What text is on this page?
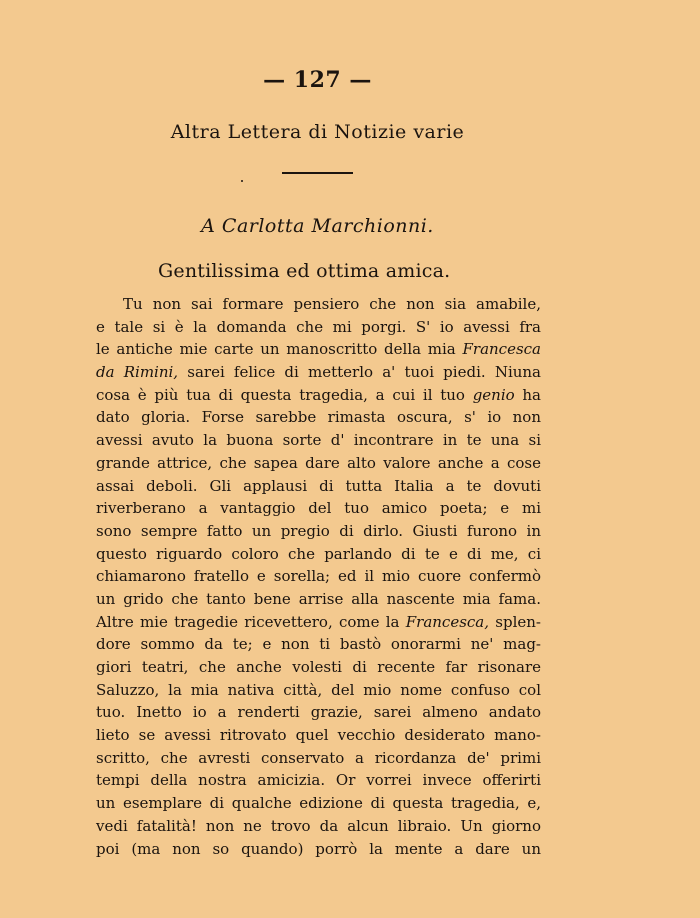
— 127 —
Altra Lettera di Notizie varie
A Carlotta Marchionni.
Gentilissima ed ottima amica.
Tu non sai formare pensiero che non sia amabile,
e tale si è la domanda che mi porgi. S' io avessi fra
le antiche mie carte un manoscritto della mia Francesca
da Rimini, sarei felice di metterlo a' tuoi piedi. Niuna
cosa è più tua di questa tragedia, a cui il tuo genio ha
dato gloria. Forse sarebbe rimasta oscura, s' io non
avessi avuto la buona sorte d' incontrare in te una si
grande attrice, che sapea dare alto valore anche a cose
assai deboli. Gli applausi di tutta Italia a te dovuti
riverberano a vantaggio del tuo amico poeta; e mi
sono sempre fatto un pregio di dirlo. Giusti furono in
questo riguardo coloro che parlando di te e di me, ci
chiamarono fratello e sorella; ed il mio cuore confermò
un grido che tanto bene arrise alla nascente mia fama.
Altre mie tragedie ricevettero, come la Francesca, splen-
dore sommo da te; e non ti bastò onorarmi ne' mag-
giori teatri, che anche volesti di recente far risonare
Saluzzo, la mia nativa città, del mio nome confuso col
tuo. Inetto io a renderti grazie, sarei almeno andato
lieto se avessi ritrovato quel vecchio desiderato mano-
scritto, che avresti conservato a ricordanza de' primi
tempi della nostra amicizia. Or vorrei invece offerirti
un esemplare di qualche edizione di questa tragedia, e,
vedi fatalità! non ne trovo da alcun libraio. Un giorno
poi (ma non so quando) porrò la mente a dare un
